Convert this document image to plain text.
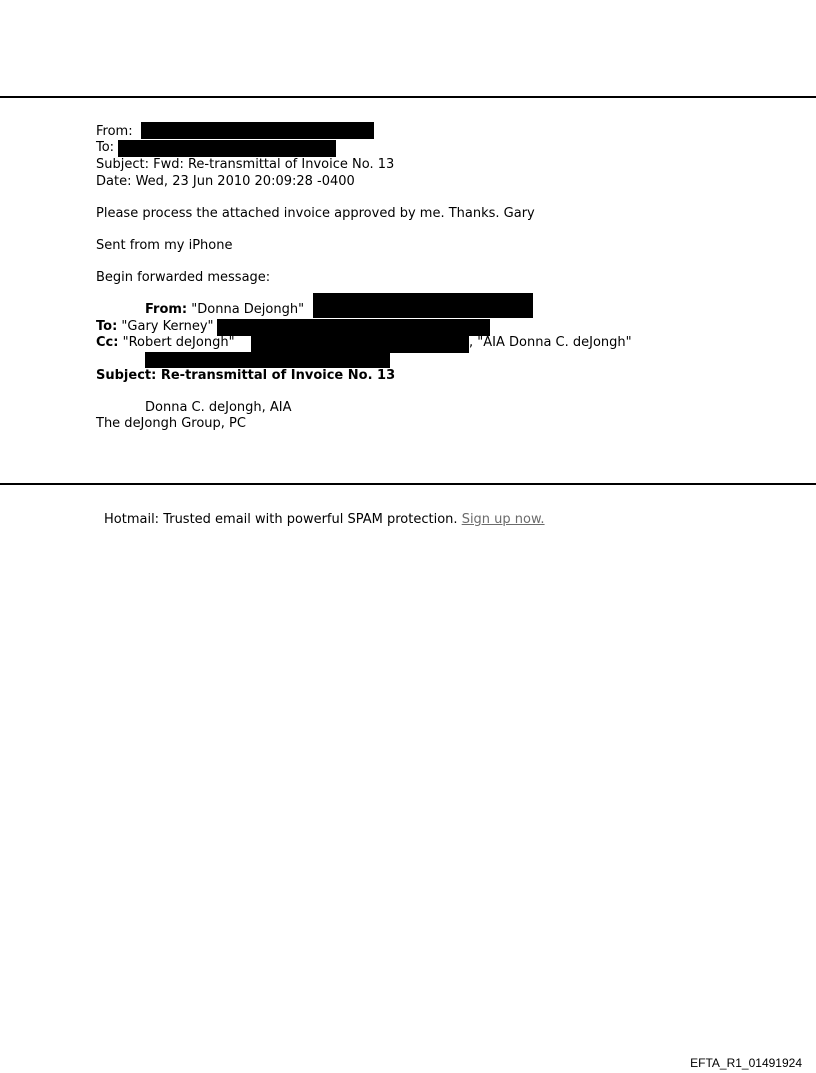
From:
To:
Subject: Fwd: Re-transmittal of Invoice No. 13
Date: Wed, 23 Jun 2010 20:09:28 -0400
Please process the attached invoice approved by me. Thanks. Gary
Sent from my iPhone
Begin forwarded message:
From: "Donna Dejongh"
To: "Gary Kerney"
Cc: "Robert deJongh"	, "AIA Donna C. deJongh"
Subject: Re-transmittal of Invoice No. 13
Donna C. deJongh, AIA
The deJongh Group, PC
Hotmail: Trusted email with powerful SPAM protection. Sign up now.
EFTA_R1_01491924
